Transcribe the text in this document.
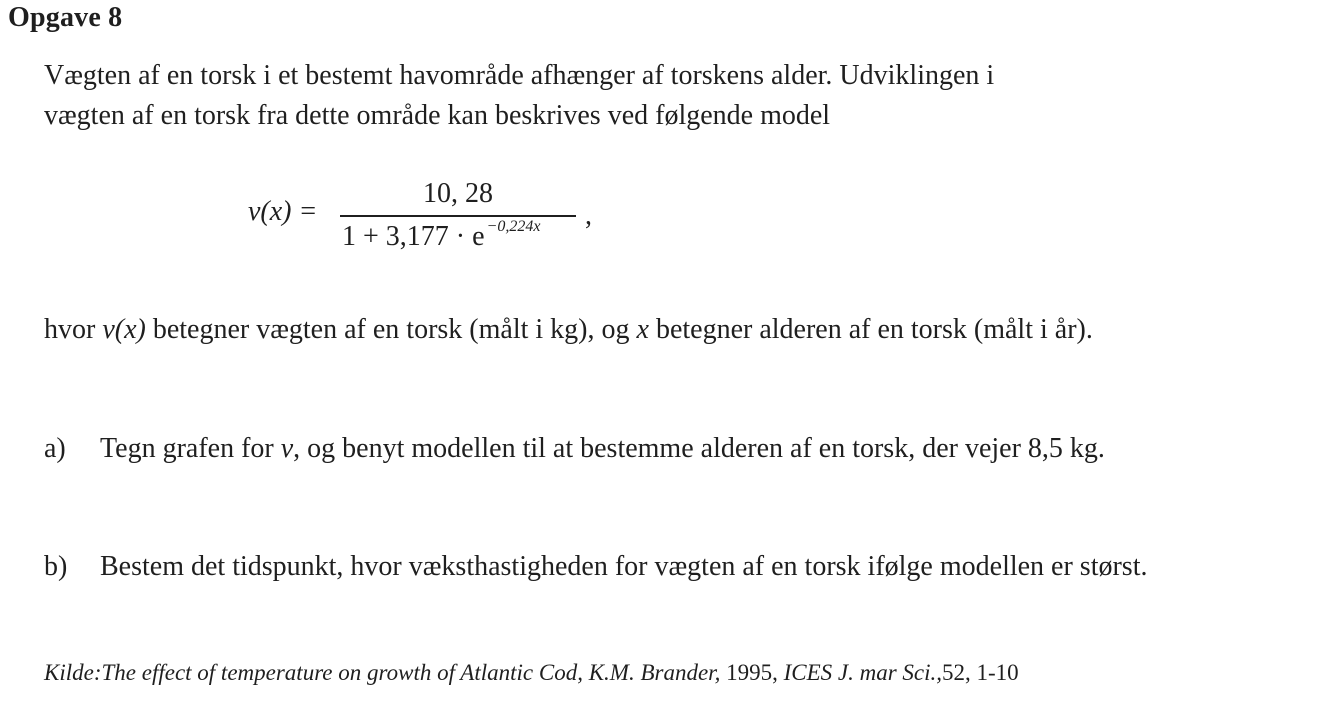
Opgave 8
Vægten af en torsk i et bestemt havområde afhænger af torskens alder. Udviklingen i
vægten af en torsk fra dette område kan beskrives ved følgende model
v(x) =
10, 28
1 + 3,177 · e $^{-0,224x}$ ,
hvor v(x) betegner vægten af en torsk (målt i kg), og x betegner alderen af en torsk (målt i år).
a) Tegn grafen for v, og benyt modellen til at bestemme alderen af en torsk, der vejer 8,5 kg.
b) Bestem det tidspunkt, hvor væksthastigheden for vægten af en torsk ifølge modellen er størst.
Kilde:The effect of temperature on growth of Atlantic Cod, K.M. Brander, 1995, ICES J. mar Sci.,52, 1-10
